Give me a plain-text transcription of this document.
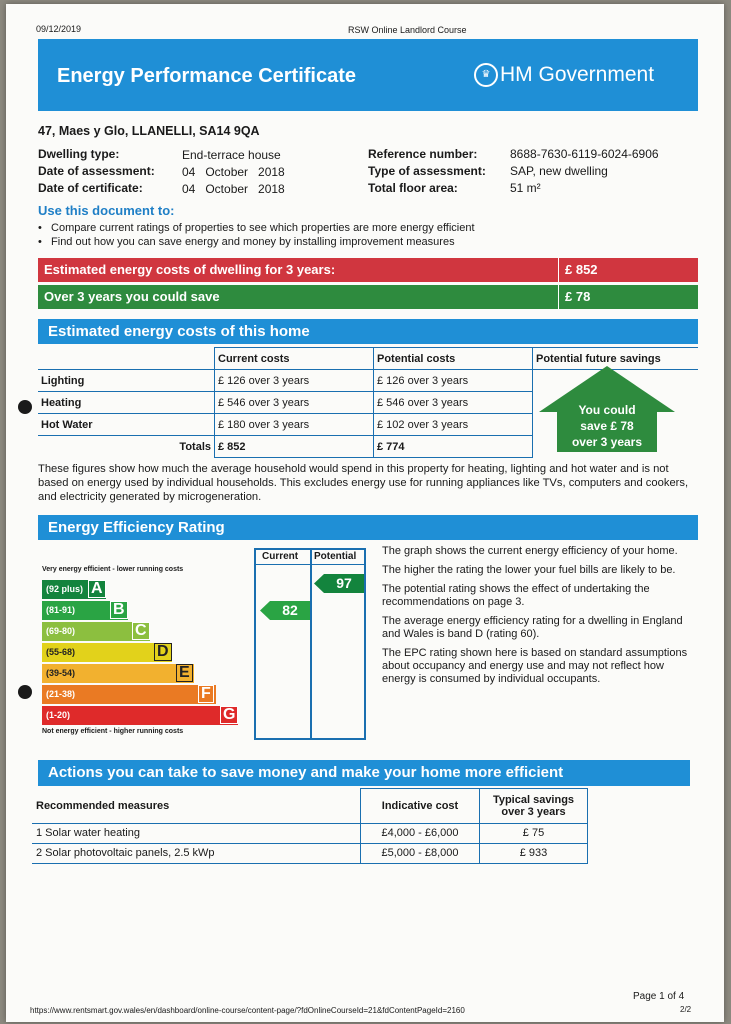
09/12/2019	RSW Online Landlord Course
Energy Performance Certificate	♛ HM Government
47, Maes y Glo, LLANELLI, SA14 9QA
Dwelling type:	End-terrace house
Date of assessment: 04   October   2018
Date of certificate:	04   October   2018
Reference number:	8688-7630-6119-6024-6906
Type of assessment: SAP, new dwelling
Total floor area:	51 m²
Use this document to:
•   Compare current ratings of properties to see which properties are more energy efficient
•   Find out how you can save energy and money by installing improvement measures
Estimated energy costs of dwelling for 3 years:	£ 852
Over 3 years you could save	£ 78
Estimated energy costs of this home
	Current costs	Potential costs	Potential future savings
Lighting	£ 126 over 3 years	£ 126 over 3 years	You could
save £ 78
over 3 years

Heating	£ 546 over 3 years	£ 546 over 3 years	
Hot Water	£ 180 over 3 years	£ 102 over 3 years	
Totals	£ 852	£ 774	
These figures show how much the average household would spend in this property for heating, lighting and hot water and is not based on energy used by individual households. This excludes energy use for running appliances like TVs, computers and cookers, and electricity generated by microgeneration.
Energy Efficiency Rating
Current Potential
Very energy efficient - lower running costs
Not energy efficient - higher running costs
(92 plus) A
(81-91) B
(69-80)	C
(55-68)	D
(39-54)	E
(21-38)	F
(1-20)	G
82
97

The graph shows the current energy efficiency of your home.

The higher the rating the lower your fuel bills are likely to be.

The potential rating shows the effect of undertaking the recommendations on page 3.

The average energy efficiency rating for a dwelling in England and Wales is band D (rating 60).

The EPC rating shown here is based on standard assumptions about occupancy and energy use and may not reflect how energy is consumed by individual occupants.

Actions you can take to save money and make your home more efficient
Recommended measures	Indicative cost	Typical savings over 3 years
1 Solar water heating	£4,000 - £6,000	£ 75
2 Solar photovoltaic panels, 2.5 kWp	£5,000 - £8,000	£ 933
https://www.rentsmart.gov.wales/en/dashboard/online-course/content-page/?fdOnlineCourseId=21&fdContentPageId=2160
Page 1 of 4
2/2
